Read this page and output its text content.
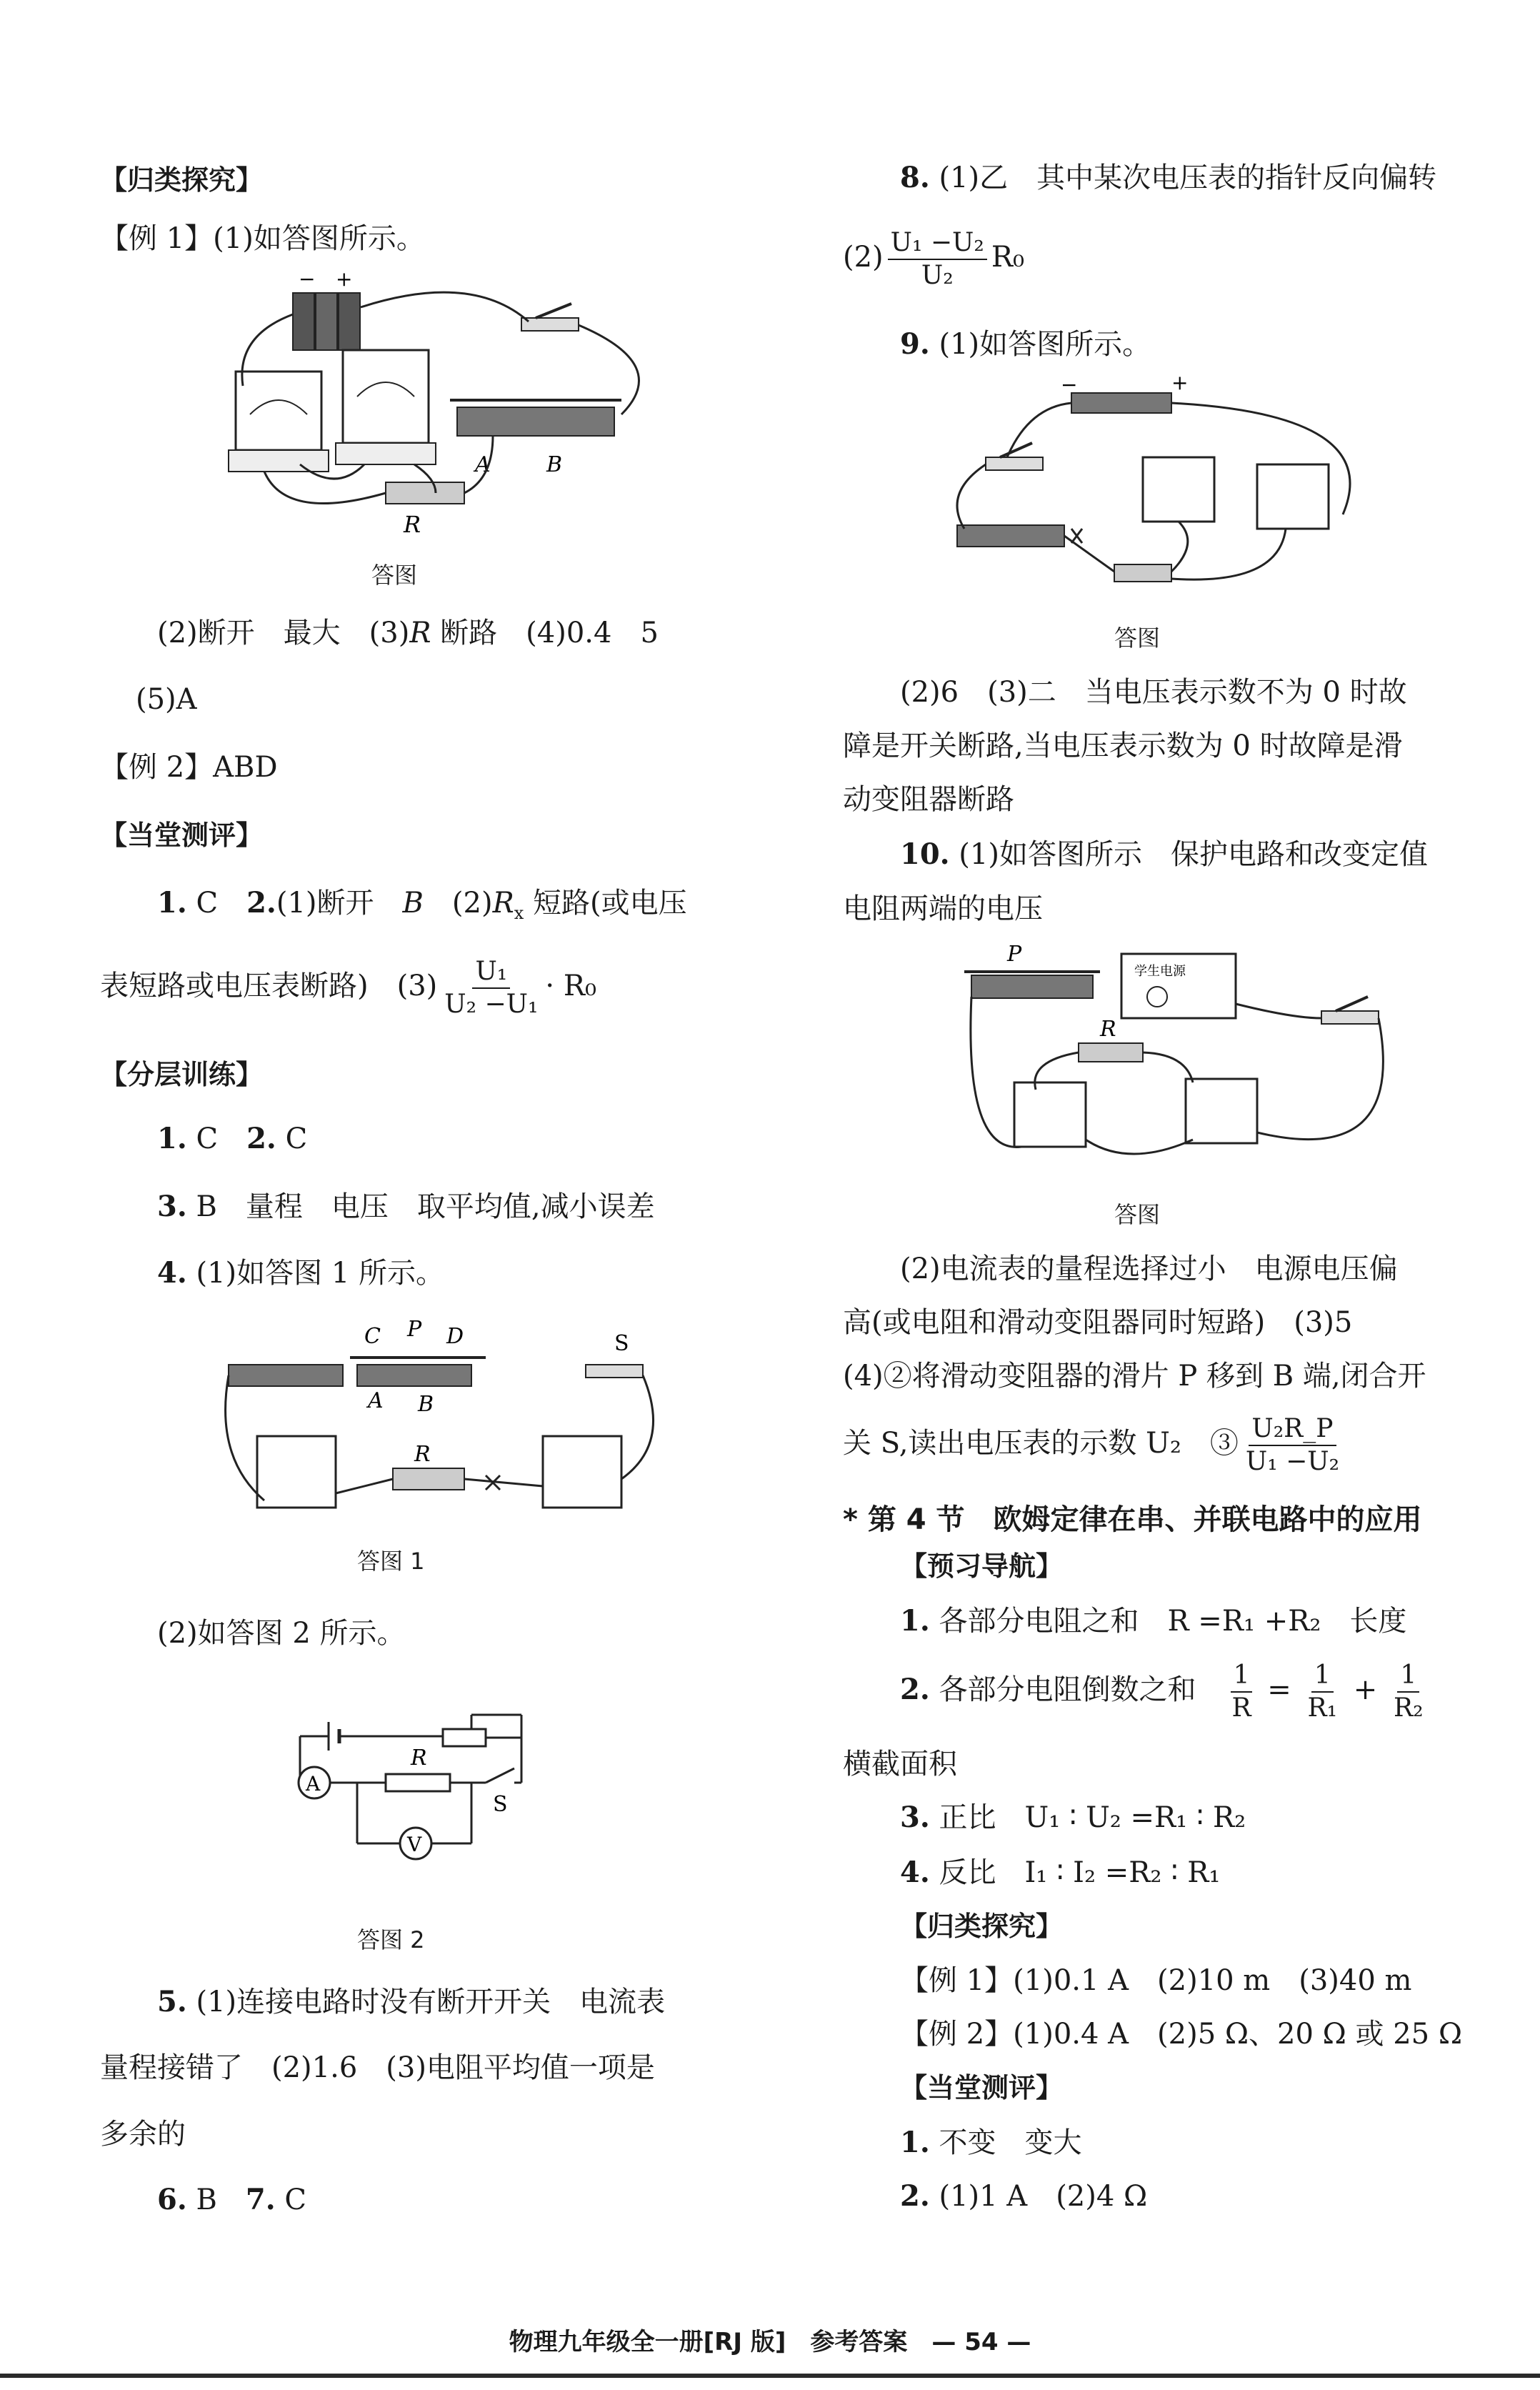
【归类探究】
【例 1】(1)如答图所示。
− +
A	B
R
答图
(2)断开　最大　(3)R 断路　(4)0.4　5
(5)A
【例 2】ABD
【当堂测评】
1. C　2.(1)断开　B　$(2)R_x$ 短路(或电压
表短路或电压表断路)　$(3) \frac{\text{U₁}}{\text{U₂ −U₁}} \cdot R_0$
【分层训练】
1. C　2. C
3. B　量程　电压　取平均值,减小误差
4. (1)如答图 1 所示。
C P D	S
A B
R
答图 1
(2)如答图 2 所示。
A
R
S
V
答图 2
5. (1)连接电路时没有断开开关　电流表
量程接错了　(2)1.6　(3)电阻平均值一项是
多余的
6. B　7. C
8. (1)乙　其中某次电压表的指针反向偏转
$(2) \frac{\text{U₁ −U₂}}{\text{U₂}} R_0$
9. (1)如答图所示。
−	+
答图
(2)6　(3)二　当电压表示数不为 0 时故
障是开关断路,当电压表示数为 0 时故障是滑
动变阻器断路
10. (1)如答图所示　保护电路和改变定值
电阻两端的电压
P
学生电源
R
答图
(2)电流表的量程选择过小　电源电压偏
高(或电阻和滑动变阻器同时短路)　(3)5
(4)②将滑动变阻器的滑片 P 移到 B 端,闭合开
关 S,读出电压表的示数 U₂　③ $\frac{\text{U₂R\_P}}{\text{U₁ −U₂}}$
* 第 4 节　欧姆定律在串、并联电路中的应用
【预习导航】
1. 各部分电阻之和　R =R₁ +R₂　长度
2. 各部分电阻倒数之和　 $\frac{1}{R} = \frac{1}{\text{R₁}} + \frac{1}{\text{R₂}}$
横截面积
3. 正比　U₁ ∶ U₂ =R₁ ∶ R₂
4. 反比　I₁ ∶ I₂ =R₂ ∶ R₁
【归类探究】
【例 1】(1)0.1 A　(2)10 m　(3)40 m
【例 2】(1)0.4 A　(2)5 Ω、20 Ω 或 25 Ω
【当堂测评】
1. 不变　变大
2. (1)1 A　(2)4 Ω
物理九年级全一册[RJ 版]　参考答案　— 54 —
